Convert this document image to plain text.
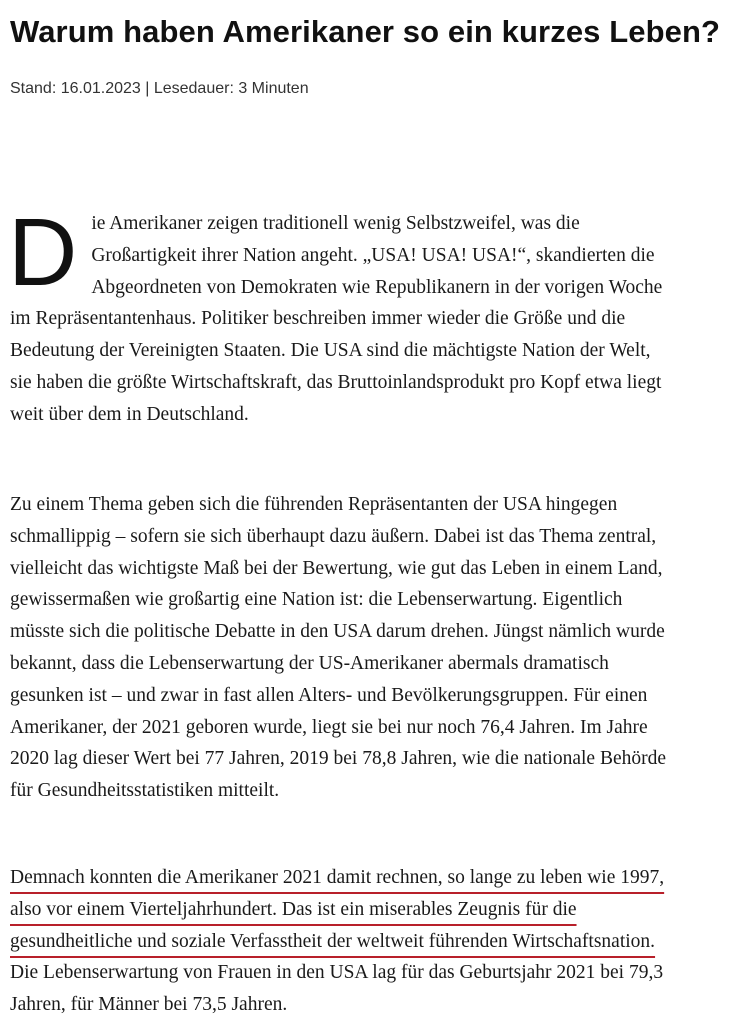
Warum haben Amerikaner so ein kurzes Leben?
Stand: 16.01.2023 | Lesedauer: 3 Minuten
D ie Amerikaner zeigen traditionell wenig Selbstzweifel, was die
Großartigkeit ihrer Nation angeht. „USA! USA! USA!“, skandierten die
Abgeordneten von Demokraten wie Republikanern in der vorigen Woche
im Repräsentantenhaus. Politiker beschreiben immer wieder die Größe und die
Bedeutung der Vereinigten Staaten. Die USA sind die mächtigste Nation der Welt,
sie haben die größte Wirtschaftskraft, das Bruttoinlandsprodukt pro Kopf etwa liegt
weit über dem in Deutschland.
Zu einem Thema geben sich die führenden Repräsentanten der USA hingegen
schmallippig – sofern sie sich überhaupt dazu äußern. Dabei ist das Thema zentral,
vielleicht das wichtigste Maß bei der Bewertung, wie gut das Leben in einem Land,
gewissermaßen wie großartig eine Nation ist: die Lebenserwartung. Eigentlich
müsste sich die politische Debatte in den USA darum drehen. Jüngst nämlich wurde
bekannt, dass die Lebenserwartung der US-Amerikaner abermals dramatisch
gesunken ist – und zwar in fast allen Alters- und Bevölkerungsgruppen. Für einen
Amerikaner, der 2021 geboren wurde, liegt sie bei nur noch 76,4 Jahren. Im Jahre
2020 lag dieser Wert bei 77 Jahren, 2019 bei 78,8 Jahren, wie die nationale Behörde
für Gesundheitsstatistiken mitteilt.
Demnach konnten die Amerikaner 2021 damit rechnen, so lange zu leben wie 1997,
also vor einem Vierteljahrhundert. Das ist ein miserables Zeugnis für die
gesundheitliche und soziale Verfasstheit der weltweit führenden Wirtschaftsnation.
Die Lebenserwartung von Frauen in den USA lag für das Geburtsjahr 2021 bei 79,3
Jahren, für Männer bei 73,5 Jahren.
